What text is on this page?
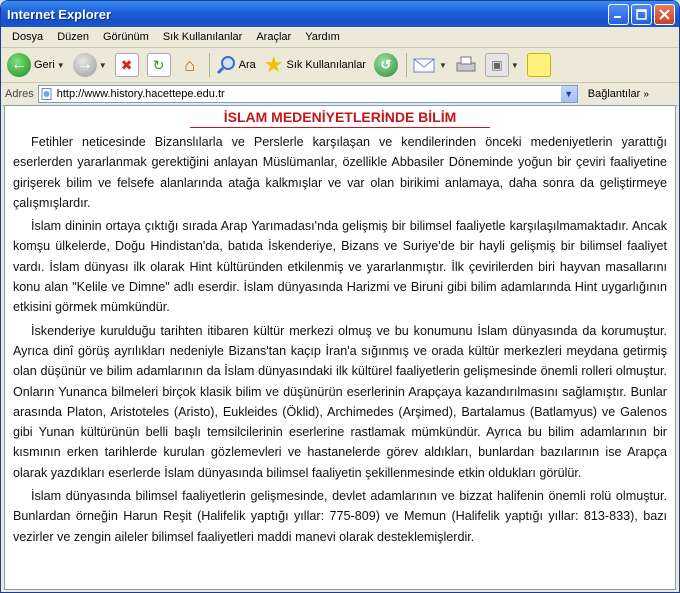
Internet Explorer
Dosya	Düzen	Görünüm	Sık Kullanılanlar	Araçlar	Yardım
← Geri ▼ → ▼	✖	↻	⌂	Ara ★ Sık Kullanılanlar	↺	▼	▣	▼
Adres http://www.history.hacettepe.edu.tr	▼	Bağlantılar »
İSLAM MEDENİYETLERİNDE BİLİM

Fetihler neticesinde Bizanslılarla ve Perslerle karşılaşan ve kendilerinden önceki medeniyetlerin yarattığı eserlerden yararlanmak gerektiğini anlayan Müslümanlar, özellikle Abbasiler Döneminde yoğun bir çeviri faaliyetine girişerek bilim ve felsefe alanlarında atağa kalkmışlar ve var olan birikimi anlamaya, daha sonra da geliştirmeye çalışmışlardır.

İslam dininin ortaya çıktığı sırada Arap Yarımadası'nda gelişmiş bir bilimsel faaliyetle karşılaşılmamaktadır. Ancak komşu ülkelerde, Doğu Hindistan'da, batıda İskenderiye, Bizans ve Suriye'de bir hayli gelişmiş bir bilimsel faaliyet vardı. İslam dünyası ilk olarak Hint kültüründen etkilenmiş ve yararlanmıştır. İlk çevirilerden biri hayvan masallarını konu alan "Kelile ve Dimne" adlı eserdir. İslam dünyasında Harizmi ve Biruni gibi bilim adamlarında Hint uygarlığının etkisini görmek mümkündür.

İskenderiye kurulduğu tarihten itibaren kültür merkezi olmuş ve bu konumunu İslam dünyasında da korumuştur. Ayrıca dinî görüş ayrılıkları nedeniyle Bizans'tan kaçıp İran'a sığınmış ve orada kültür merkezleri meydana getirmiş olan düşünür ve bilim adamlarının da İslam dünyasındaki ilk kültürel faaliyetlerin gelişmesinde önemli rolleri olmuştur. Onların Yunanca bilmeleri birçok klasik bilim ve düşünürün eserlerinin Arapçaya kazandırılmasını sağlamıştır. Bunlar arasında Platon, Aristoteles (Aristo), Eukleides (Öklid), Archimedes (Arşimed), Bartalamus (Batlamyus) ve Galenos gibi Yunan kültürünün belli başlı temsilcilerinin eserlerine rastlamak mümkündür. Ayrıca bu bilim adamlarının bir kısmının erken tarihlerde kurulan gözlemevleri ve hastanelerde görev aldıkları, bunlardan bazılarının ise Arapça olarak yazdıkları eserlerde İslam dünyasında bilimsel faaliyetin şekillenmesinde etkin oldukları görülür.

İslam dünyasında bilimsel faaliyetlerin gelişmesinde, devlet adamlarının ve bizzat halifenin önemli rolü olmuştur. Bunlardan örneğin Harun Reşit (Halifelik yaptığı yıllar: 775-809) ve Memun (Halifelik yaptığı yıllar: 813-833), bazı vezirler ve zengin aileler bilimsel faaliyetleri maddi manevi olarak desteklemişlerdir.
